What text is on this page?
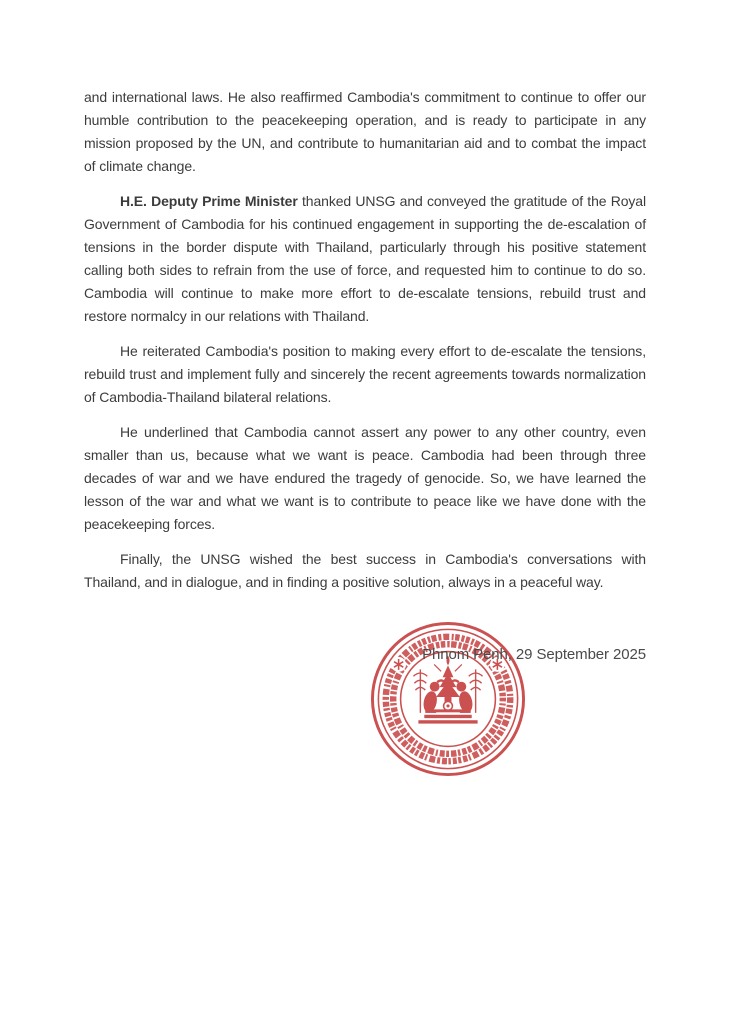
and international laws. He also reaffirmed Cambodia's commitment to continue to offer our humble contribution to the peacekeeping operation, and is ready to participate in any mission proposed by the UN, and contribute to humanitarian aid and to combat the impact of climate change.

H.E. Deputy Prime Minister thanked UNSG and conveyed the gratitude of the Royal Government of Cambodia for his continued engagement in supporting the de-escalation of tensions in the border dispute with Thailand, particularly through his positive statement calling both sides to refrain from the use of force, and requested him to continue to do so. Cambodia will continue to make more effort to de-escalate tensions, rebuild trust and restore normalcy in our relations with Thailand.

He reiterated Cambodia's position to making every effort to de-escalate the tensions, rebuild trust and implement fully and sincerely the recent agreements towards normalization of Cambodia-Thailand bilateral relations.

He underlined that Cambodia cannot assert any power to any other country, even smaller than us, because what we want is peace. Cambodia had been through three decades of war and we have endured the tragedy of genocide. So, we have learned the lesson of the war and what we want is to contribute to peace like we have done with the peacekeeping forces.

Finally, the UNSG wished the best success in Cambodia's conversations with Thailand, and in dialogue, and in finding a positive solution, always in a peaceful way.

Phnom Penh, 29 September 2025
